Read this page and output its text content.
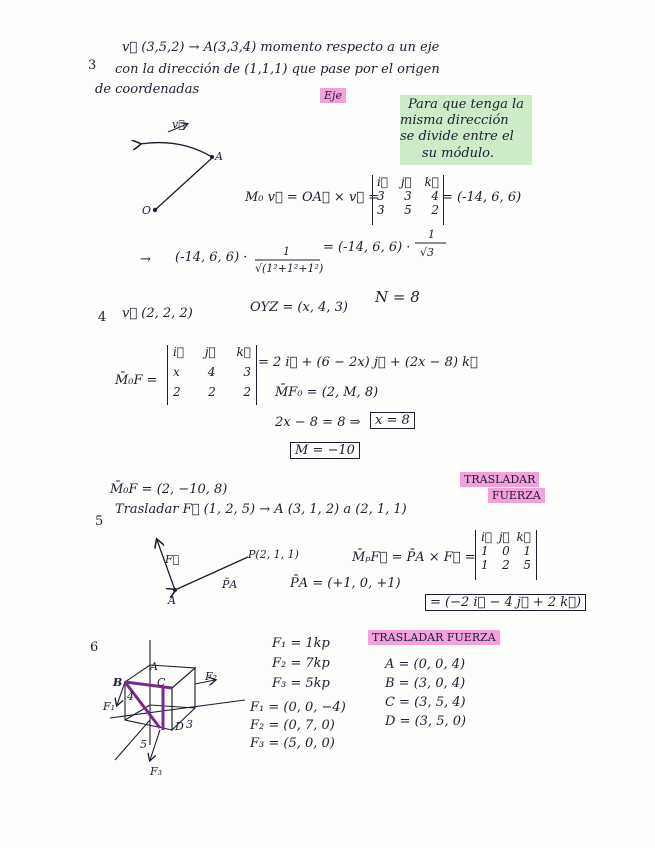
3
v⃗ (3,5,2) → A(3,3,4) momento respecto a un eje
con la dirección de (1,1,1) que pase por el origen
de coordenadas	Eje
Para que tenga la
misma dirección
se divide entre el
su módulo.
v⃗
A
O
M₀ v⃗ = OA⃗ × v⃗ =
i⃗ j⃗ k⃗
3 3 4
3 5 2
= (-14, 6, 6)
→ (-14, 6, 6) ·	1
√(1²+1²+1²)
= (-14, 6, 6) ·
1
√3
4 v⃗ (2, 2, 2)	OYZ = (x, 4, 3)
N = 8
M̄₀F =
i⃗ j⃗ k⃗
x 4 3
2 2 2
= 2 i⃗ + (6 − 2x) j⃗ + (2x − 8) k⃗
M̄F₀ = (2, M, 8)
2x − 8 = 8 ⇒	x = 8
M = −10
M̄₀F = (2, −10, 8)
TRASLADAR
FUERZA
5
Trasladar F⃗ (1, 2, 5) → A (3, 1, 2) a (2, 1, 1)
F⃗	P(2, 1, 1)
A
P̄A
M̄ₚF⃗ = P̄A × F⃗ =
i⃗ j⃗ k⃗
1 0 1
1 2 5
P̄A = (+1, 0, +1)
= (−2 i⃗ − 4 j⃗ + 2 k⃗)
6
A
B	C
D
F₁
F₂
F₃
3
4
5
F₁ = 1kp
F₂ = 7kp
F₃ = 5kp
F₁ = (0, 0, −4)
F₂ = (0, 7, 0)
F₃ = (5, 0, 0)
TRASLADAR FUERZA
A = (0, 0, 4)
B = (3, 0, 4)
C = (3, 5, 4)
D = (3, 5, 0)
